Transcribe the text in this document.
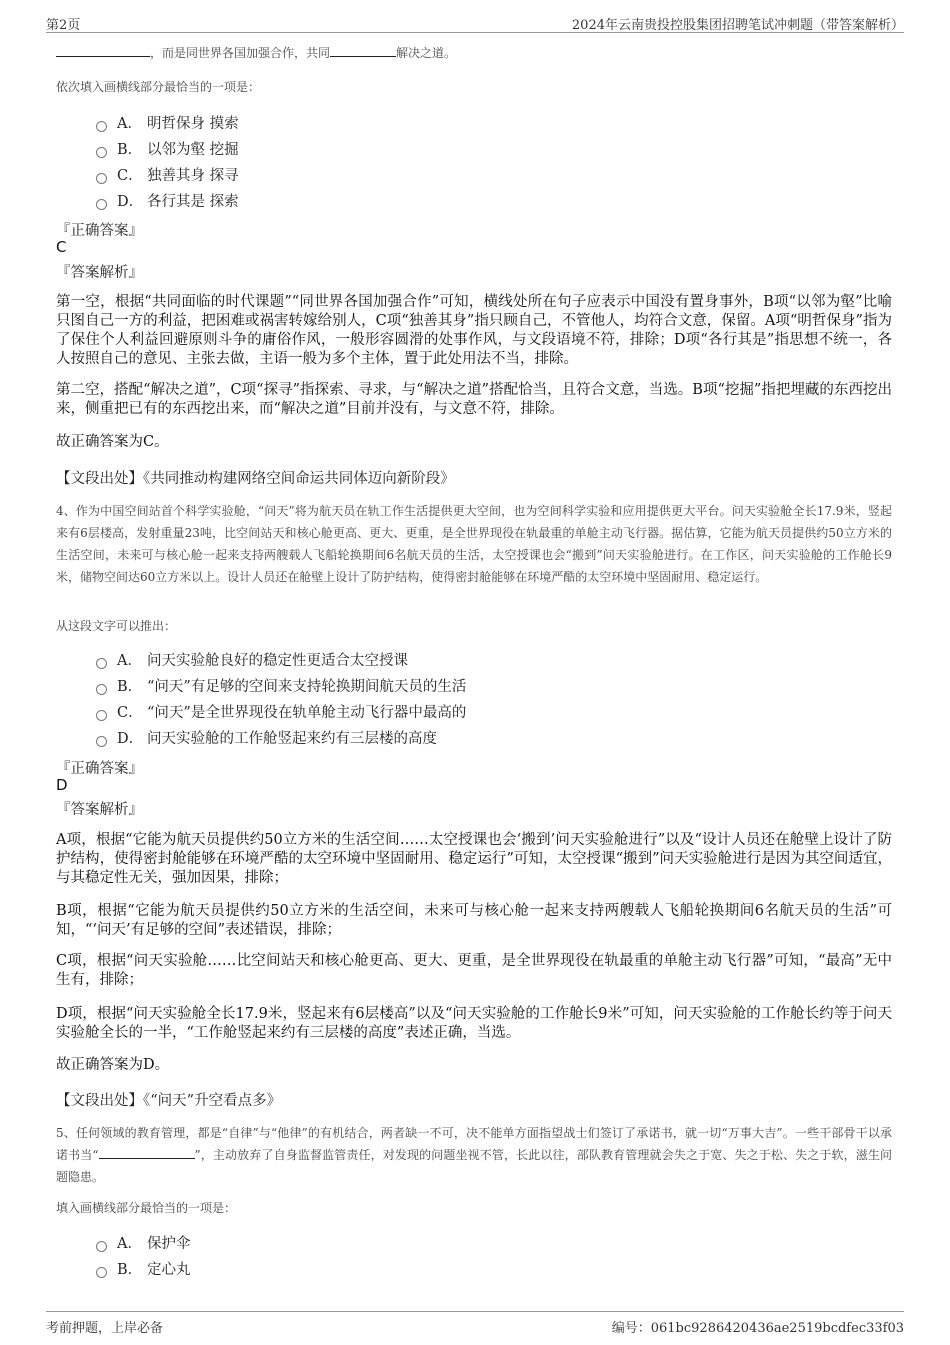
第2页	2024年云南贵投控股集团招聘笔试冲刺题（带答案解析）
，而是同世界各国加强合作，共同	解决之道。
依次填入画横线部分最恰当的一项是：
A． 明哲保身 摸索
B． 以邻为壑 挖掘
C． 独善其身 探寻
D． 各行其是 探索
『正确答案』
C
『答案解析』
第一空，根据“共同面临的时代课题”“同世界各国加强合作”可知，横线处所在句子应表示中国没有置身事外，B项“以邻为壑”比喻只图自己一方的利益，把困难或祸害转嫁给别人，C项“独善其身”指只顾自己，不管他人，均符合文意，保留。A项“明哲保身”指为了保住个人利益回避原则斗争的庸俗作风，一般形容圆滑的处事作风，与文段语境不符，排除；D项“各行其是”指思想不统一，各人按照自己的意见、主张去做，主语一般为多个主体，置于此处用法不当，排除。
第二空，搭配“解决之道”，C项“探寻”指探索、寻求，与“解决之道”搭配恰当，且符合文意，当选。B项“挖掘”指把埋藏的东西挖出来，侧重把已有的东西挖出来，而“解决之道”目前并没有，与文意不符，排除。
故正确答案为C。
【文段出处】《共同推动构建网络空间命运共同体迈向新阶段》
4、作为中国空间站首个科学实验舱，“问天”将为航天员在轨工作生活提供更大空间，也为空间科学实验和应用提供更大平台。问天实验舱全长17.9米，竖起来有6层楼高，发射重量23吨，比空间站天和核心舱更高、更大、更重，是全世界现役在轨最重的单舱主动飞行器。据估算，它能为航天员提供约50立方米的生活空间，未来可与核心舱一起来支持两艘载人飞船轮换期间6名航天员的生活，太空授课也会“搬到”问天实验舱进行。在工作区，问天实验舱的工作舱长9米，储物空间达60立方米以上。设计人员还在舱壁上设计了防护结构，使得密封舱能够在环境严酷的太空环境中坚固耐用、稳定运行。
从这段文字可以推出：
A． 问天实验舱良好的稳定性更适合太空授课
B． “问天”有足够的空间来支持轮换期间航天员的生活
C． “问天”是全世界现役在轨单舱主动飞行器中最高的
D． 问天实验舱的工作舱竖起来约有三层楼的高度
『正确答案』
D
『答案解析』
A项，根据“它能为航天员提供约50立方米的生活空间……太空授课也会‘搬到’问天实验舱进行”以及“设计人员还在舱壁上设计了防护结构，使得密封舱能够在环境严酷的太空环境中坚固耐用、稳定运行”可知，太空授课“搬到”问天实验舱进行是因为其空间适宜，与其稳定性无关，强加因果，排除；
B项，根据“它能为航天员提供约50立方米的生活空间，未来可与核心舱一起来支持两艘载人飞船轮换期间6名航天员的生活”可知，“‘问天’有足够的空间”表述错误，排除；
C项，根据“问天实验舱……比空间站天和核心舱更高、更大、更重，是全世界现役在轨最重的单舱主动飞行器”可知，“最高”无中生有，排除；
D项，根据“问天实验舱全长17.9米，竖起来有6层楼高”以及“问天实验舱的工作舱长9米”可知，问天实验舱的工作舱长约等于问天实验舱全长的一半，“工作舱竖起来约有三层楼的高度”表述正确，当选。
故正确答案为D。
【文段出处】《“问天”升空看点多》
5、任何领域的教育管理，都是“自律”与“他律”的有机结合，两者缺一不可，决不能单方面指望战士们签订了承诺书，就一切“万事大吉”。一些干部骨干以承诺书当“	”，主动放弃了自身监督监管责任，对发现的问题坐视不管，长此以往，部队教育管理就会失之于宽、失之于松、失之于软，滋生问题隐患。
填入画横线部分最恰当的一项是：
A． 保护伞
B． 定心丸
考前押题，上岸必备	编号：061bc9286420436ae2519bcdfec33f03
